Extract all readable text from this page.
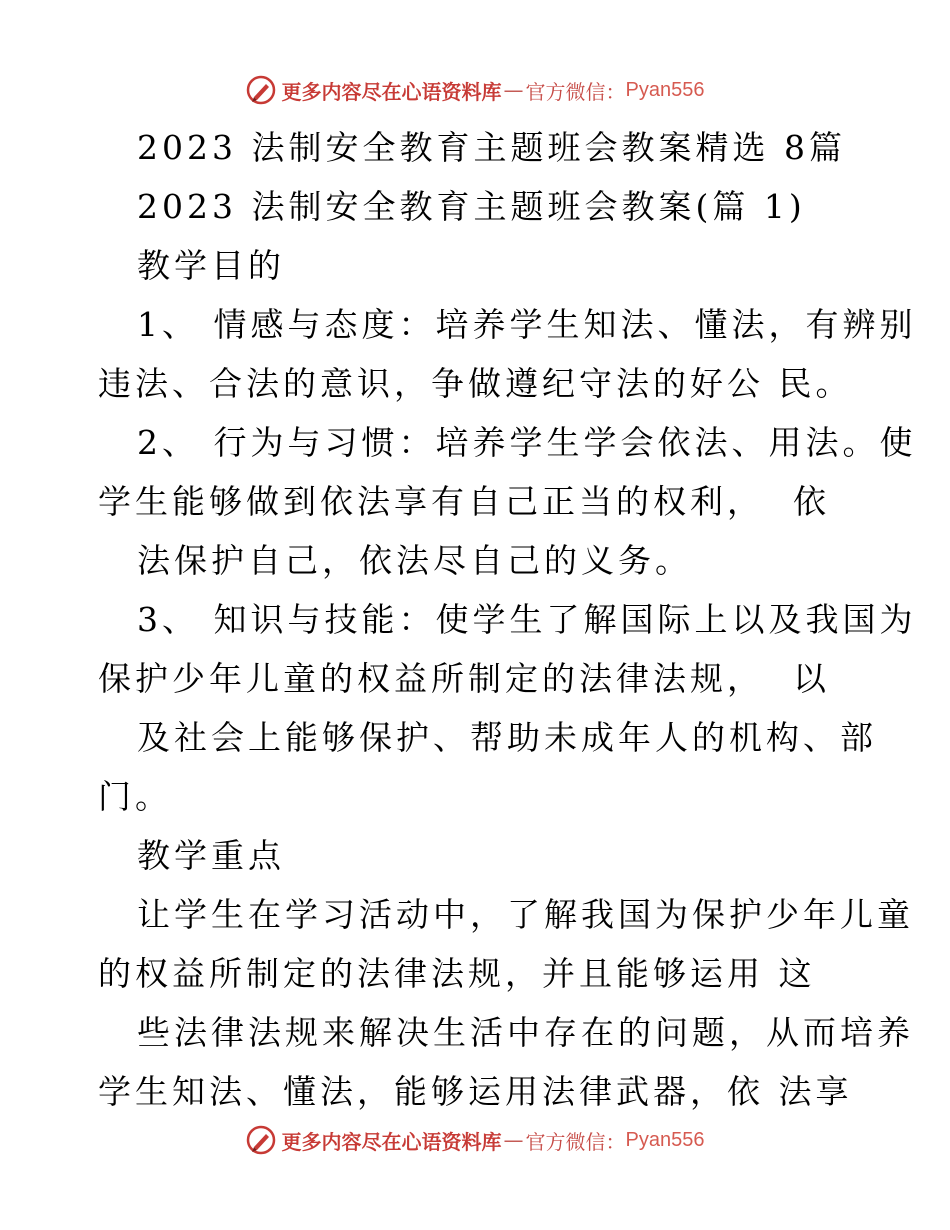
更多内容尽在心语资料库 — 官方微信： Pyan556
2023 法制安全教育主题班会教案精选 8篇
2023 法制安全教育主题班会教案(篇 1)
教学目的
1、 情感与态度：培养学生知法、懂法，有辨别
违法、合法的意识，争做遵纪守法的好公 民。
2、 行为与习惯：培养学生学会依法、用法。使
学生能够做到依法享有自己正当的权利，  依
法保护自己，依法尽自己的义务。
3、 知识与技能：使学生了解国际上以及我国为
保护少年儿童的权益所制定的法律法规，  以
及社会上能够保护、帮助未成年人的机构、部
门。
教学重点
让学生在学习活动中，了解我国为保护少年儿童
的权益所制定的法律法规，并且能够运用 这
些法律法规来解决生活中存在的问题，从而培养
学生知法、懂法，能够运用法律武器，依 法享
更多内容尽在心语资料库 — 官方微信： Pyan556
